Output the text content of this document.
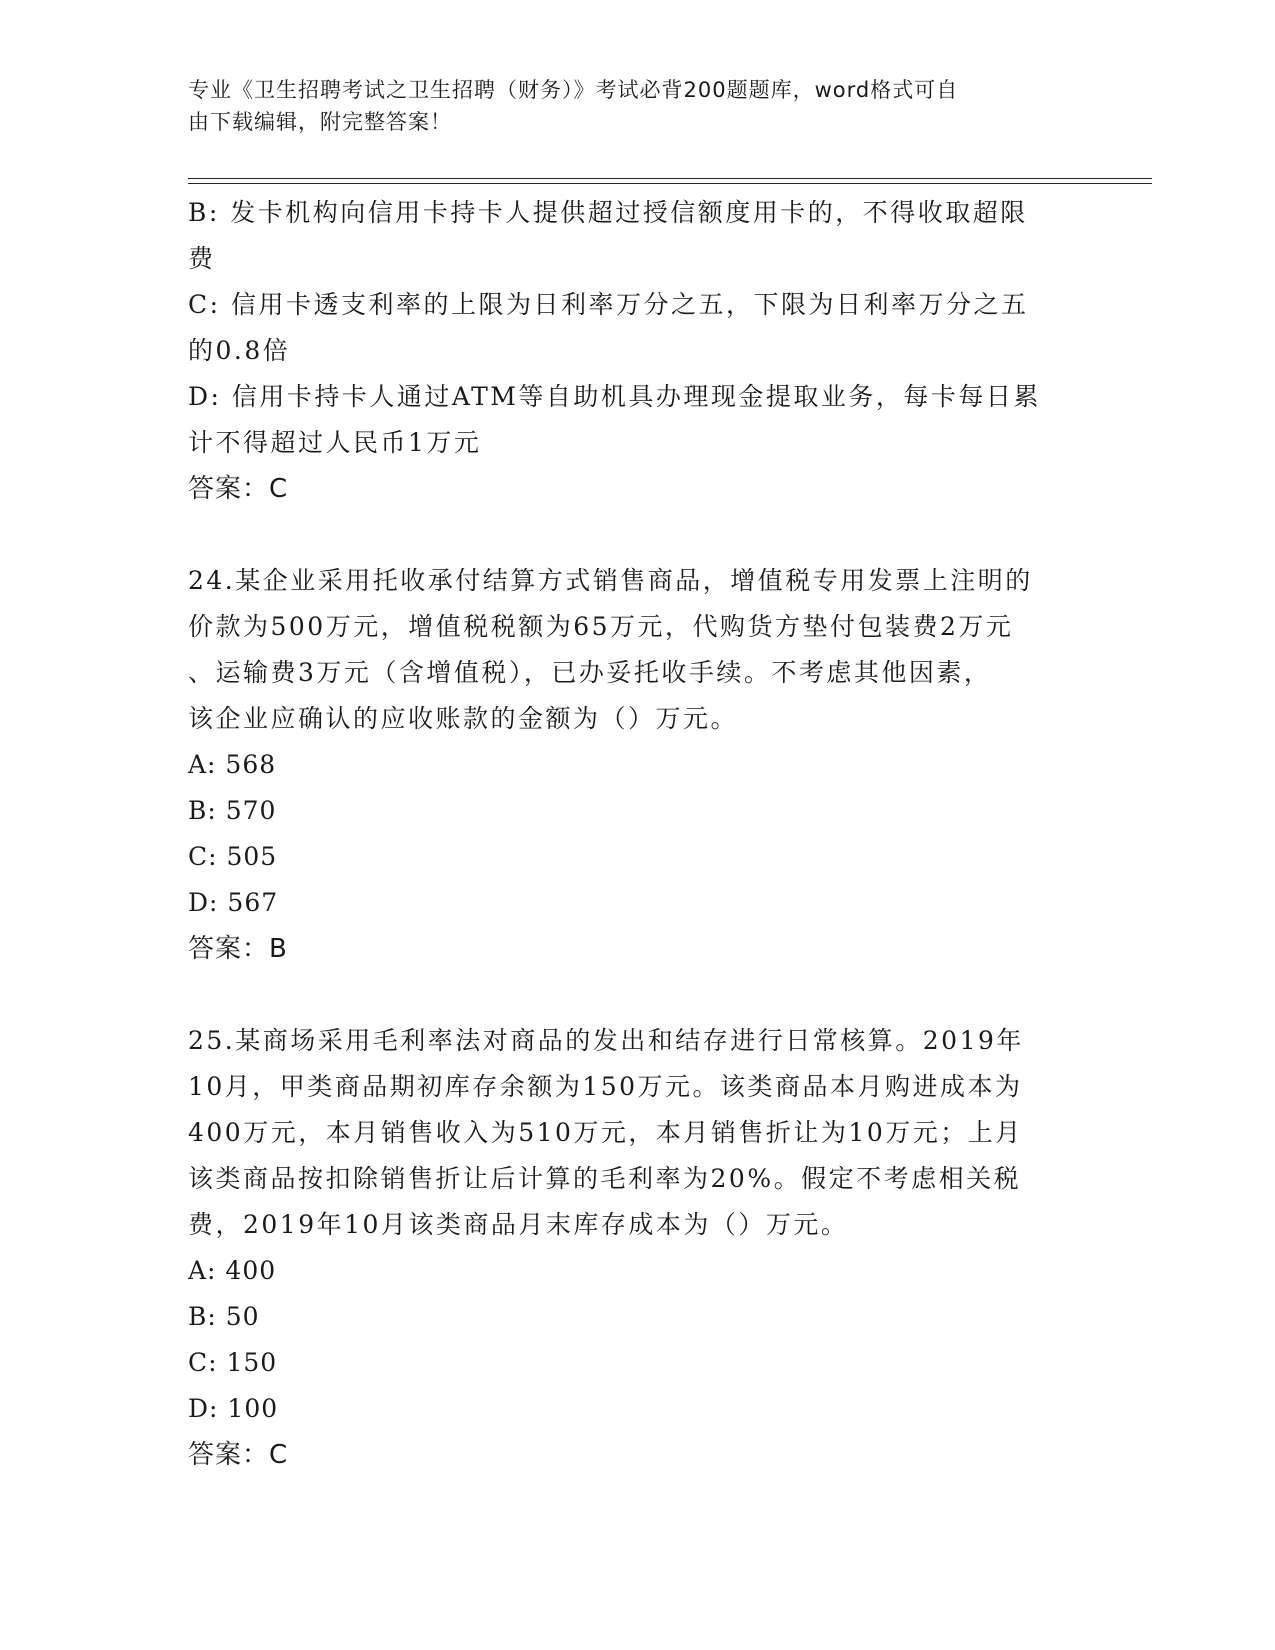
专业《卫生招聘考试之卫生招聘（财务）》考试必背200题题库，word格式可自
由下载编辑，附完整答案！
B: 发卡机构向信用卡持卡人提供超过授信额度用卡的，不得收取超限
费
C: 信用卡透支利率的上限为日利率万分之五，下限为日利率万分之五
的0.8倍
D: 信用卡持卡人通过ATM等自助机具办理现金提取业务，每卡每日累
计不得超过人民币1万元
答案：C
24.某企业采用托收承付结算方式销售商品，增值税专用发票上注明的
价款为500万元，增值税税额为65万元，代购货方垫付包装费2万元
、运输费3万元（含增值税），已办妥托收手续。不考虑其他因素，
该企业应确认的应收账款的金额为（）万元。
A: 568
B: 570
C: 505
D: 567
答案：B
25.某商场采用毛利率法对商品的发出和结存进行日常核算。2019年
10月，甲类商品期初库存余额为150万元。该类商品本月购进成本为
400万元，本月销售收入为510万元，本月销售折让为10万元；上月
该类商品按扣除销售折让后计算的毛利率为20%。假定不考虑相关税
费，2019年10月该类商品月末库存成本为（）万元。
A: 400
B: 50
C: 150
D: 100
答案：C
